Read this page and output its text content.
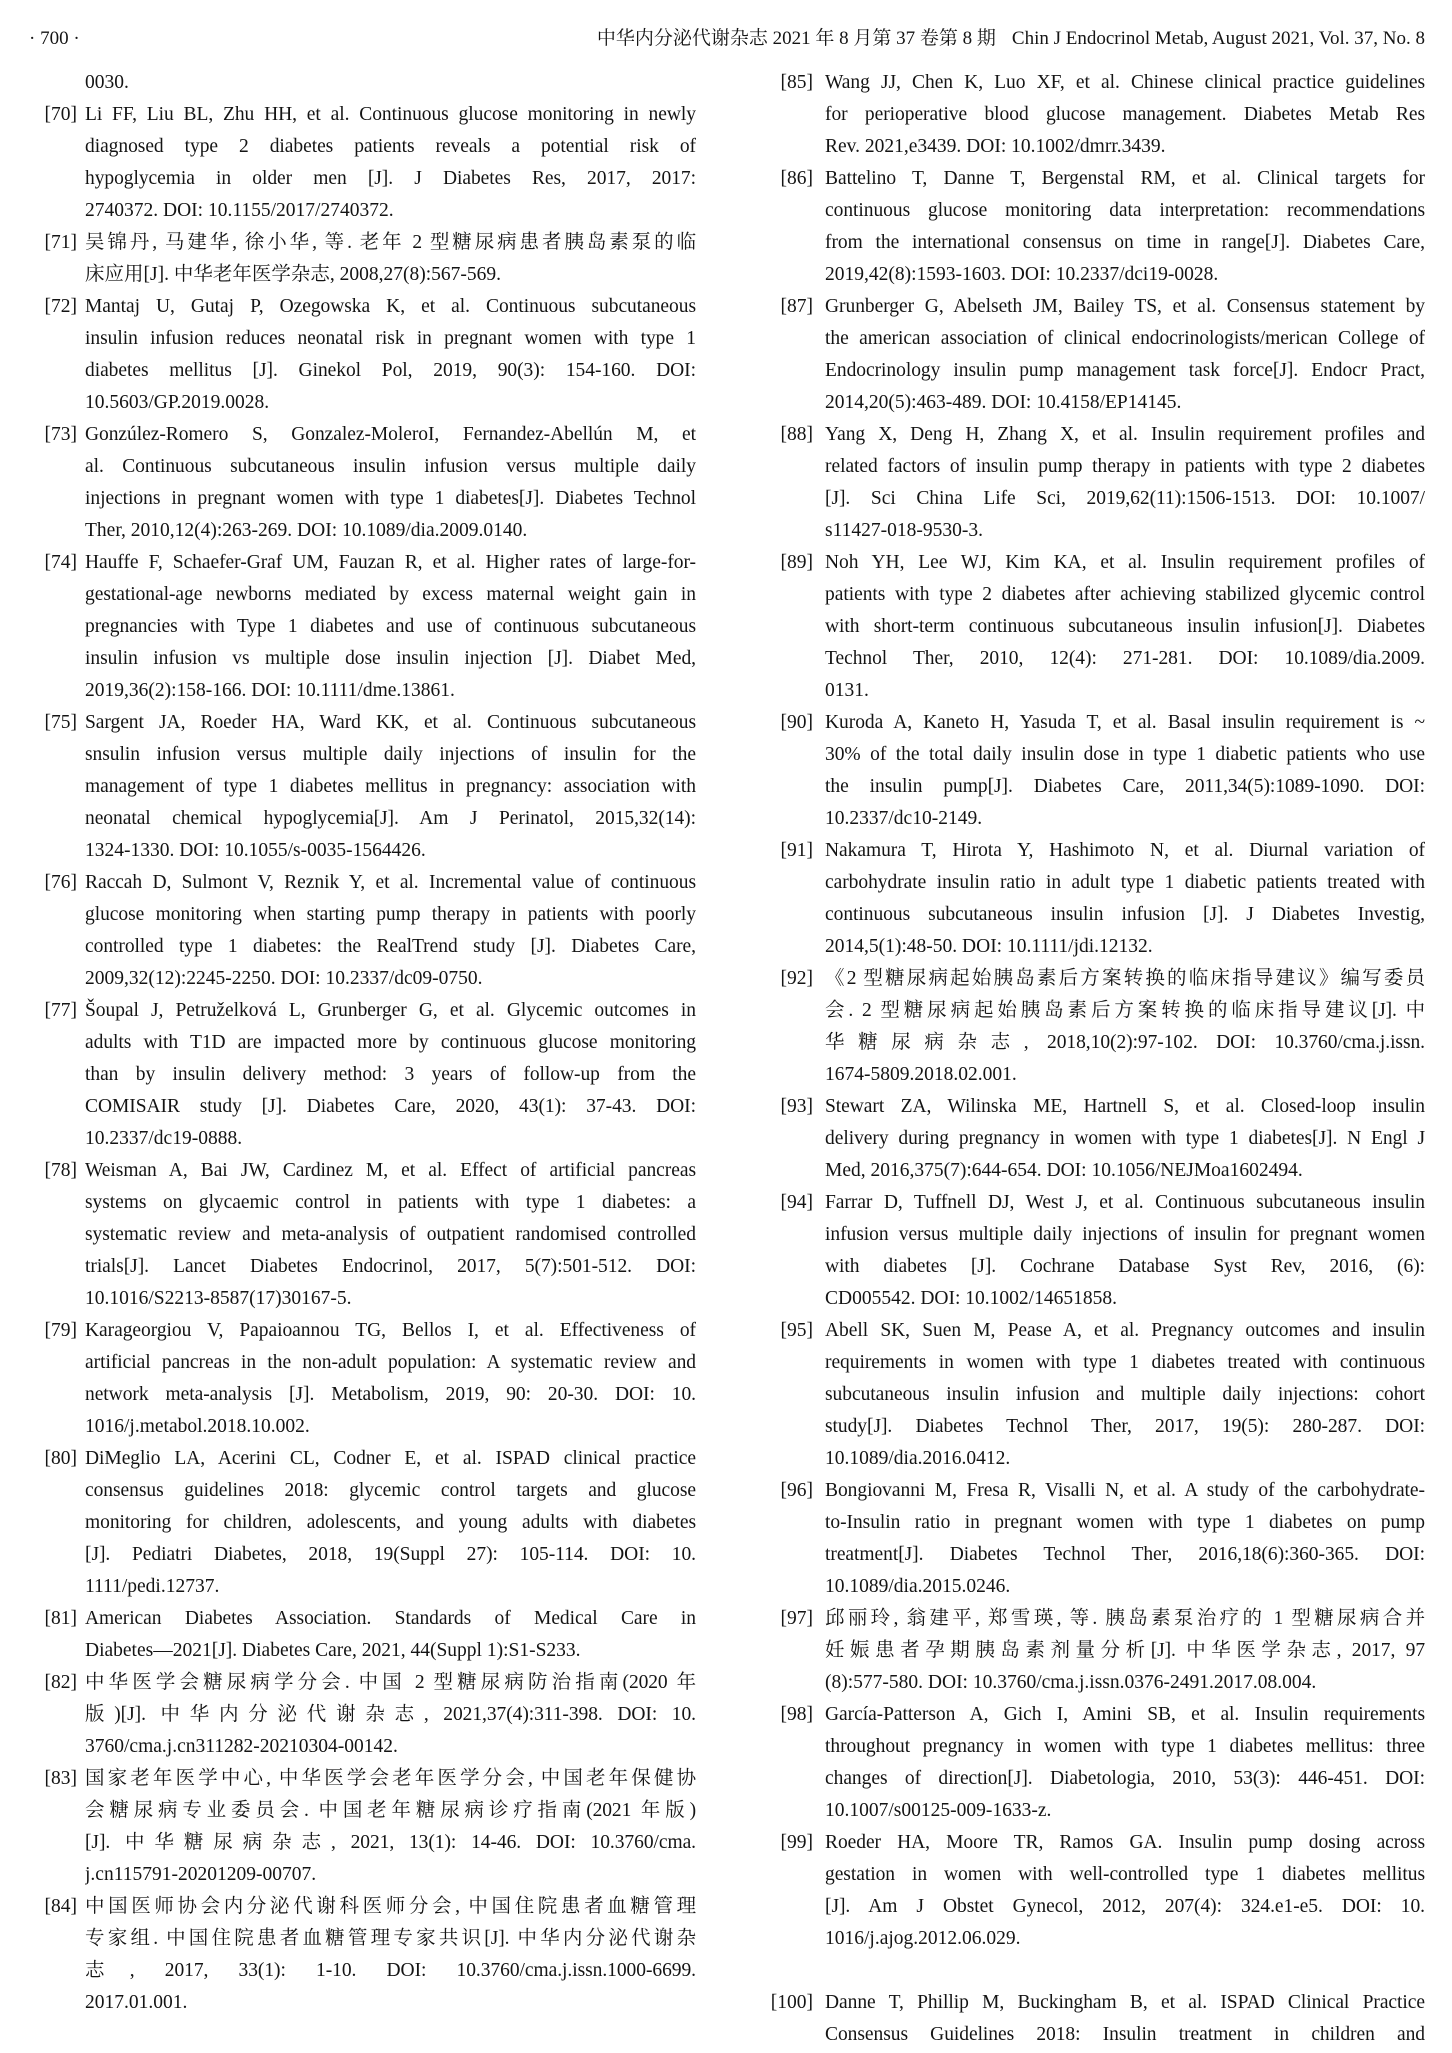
· 700 ·	中华内分泌代谢杂志 2021 年 8 月第 37 卷第 8 期 Chin J Endocrinol Metab, August 2021, Vol. 37, No. 8
0030.
[70] Li FF, Liu BL, Zhu HH, et al. Continuous glucose monitoring in newly
diagnosed type 2 diabetes patients reveals a potential risk of
hypoglycemia in older men [J]. J Diabetes Res, 2017, 2017:
2740372. DOI: 10.1155/2017/2740372.
[71] 吴锦丹, 马建华, 徐小华, 等. 老年 2 型糖尿病患者胰岛素泵的临
床应用[J]. 中华老年医学杂志, 2008,27(8):567-569.
[72] Mantaj U, Gutaj P, Ozegowska K, et al. Continuous subcutaneous
insulin infusion reduces neonatal risk in pregnant women with type 1
diabetes mellitus [J]. Ginekol Pol, 2019, 90(3): 154-160. DOI:
10.5603/GP.2019.0028.
[73] Gonzúlez-Romero S, Gonzalez-MoleroI, Fernandez-Abellún M, et
al. Continuous subcutaneous insulin infusion versus multiple daily
injections in pregnant women with type 1 diabetes[J]. Diabetes Technol
Ther, 2010,12(4):263-269. DOI: 10.1089/dia.2009.0140.
[74] Hauffe F, Schaefer-Graf UM, Fauzan R, et al. Higher rates of large-for-
gestational-age newborns mediated by excess maternal weight gain in
pregnancies with Type 1 diabetes and use of continuous subcutaneous
insulin infusion vs multiple dose insulin injection [J]. Diabet Med,
2019,36(2):158-166. DOI: 10.1111/dme.13861.
[75] Sargent JA, Roeder HA, Ward KK, et al. Continuous subcutaneous
snsulin infusion versus multiple daily injections of insulin for the
management of type 1 diabetes mellitus in pregnancy: association with
neonatal chemical hypoglycemia[J]. Am J Perinatol, 2015,32(14):
1324-1330. DOI: 10.1055/s-0035-1564426.
[76] Raccah D, Sulmont V, Reznik Y, et al. Incremental value of continuous
glucose monitoring when starting pump therapy in patients with poorly
controlled type 1 diabetes: the RealTrend study [J]. Diabetes Care,
2009,32(12):2245-2250. DOI: 10.2337/dc09-0750.
[77] Šoupal J, Petruželková L, Grunberger G, et al. Glycemic outcomes in
adults with T1D are impacted more by continuous glucose monitoring
than by insulin delivery method: 3 years of follow-up from the
COMISAIR study [J]. Diabetes Care, 2020, 43(1): 37-43. DOI:
10.2337/dc19-0888.
[78] Weisman A, Bai JW, Cardinez M, et al. Effect of artificial pancreas
systems on glycaemic control in patients with type 1 diabetes: a
systematic review and meta-analysis of outpatient randomised controlled
trials[J]. Lancet Diabetes Endocrinol, 2017, 5(7):501-512. DOI:
10.1016/S2213-8587(17)30167-5.
[79] Karageorgiou V, Papaioannou TG, Bellos I, et al. Effectiveness of
artificial pancreas in the non-adult population: A systematic review and
network meta-analysis [J]. Metabolism, 2019, 90: 20-30. DOI: 10.
1016/j.metabol.2018.10.002.
[80] DiMeglio LA, Acerini CL, Codner E, et al. ISPAD clinical practice
consensus guidelines 2018: glycemic control targets and glucose
monitoring for children, adolescents, and young adults with diabetes
[J]. Pediatri Diabetes, 2018, 19(Suppl 27): 105-114. DOI: 10.
1111/pedi.12737.
[81] American Diabetes Association. Standards of Medical Care in
Diabetes—2021[J]. Diabetes Care, 2021, 44(Suppl 1):S1-S233.
[82] 中华医学会糖尿病学分会. 中国 2 型糖尿病防治指南(2020 年
版)[J]. 中华内分泌代谢杂志, 2021,37(4):311-398. DOI: 10.
3760/cma.j.cn311282-20210304-00142.
[83] 国家老年医学中心, 中华医学会老年医学分会, 中国老年保健协
会糖尿病专业委员会. 中国老年糖尿病诊疗指南(2021 年版)
[J]. 中华糖尿病杂志, 2021, 13(1): 14-46. DOI: 10.3760/cma.
j.cn115791-20201209-00707.
[84] 中国医师协会内分泌代谢科医师分会, 中国住院患者血糖管理
专家组. 中国住院患者血糖管理专家共识[J]. 中华内分泌代谢杂
志, 2017, 33(1): 1-10. DOI: 10.3760/cma.j.issn.1000-6699.
2017.01.001.
[85] Wang JJ, Chen K, Luo XF, et al. Chinese clinical practice guidelines
for perioperative blood glucose management. Diabetes Metab Res
Rev. 2021,e3439. DOI: 10.1002/dmrr.3439.
[86] Battelino T, Danne T, Bergenstal RM, et al. Clinical targets for
continuous glucose monitoring data interpretation: recommendations
from the international consensus on time in range[J]. Diabetes Care,
2019,42(8):1593-1603. DOI: 10.2337/dci19-0028.
[87] Grunberger G, Abelseth JM, Bailey TS, et al. Consensus statement by
the american association of clinical endocrinologists/merican College of
Endocrinology insulin pump management task force[J]. Endocr Pract,
2014,20(5):463-489. DOI: 10.4158/EP14145.
[88] Yang X, Deng H, Zhang X, et al. Insulin requirement profiles and
related factors of insulin pump therapy in patients with type 2 diabetes
[J]. Sci China Life Sci, 2019,62(11):1506-1513. DOI: 10.1007/
s11427-018-9530-3.
[89] Noh YH, Lee WJ, Kim KA, et al. Insulin requirement profiles of
patients with type 2 diabetes after achieving stabilized glycemic control
with short-term continuous subcutaneous insulin infusion[J]. Diabetes
Technol Ther, 2010, 12(4): 271-281. DOI: 10.1089/dia.2009.
0131.
[90] Kuroda A, Kaneto H, Yasuda T, et al. Basal insulin requirement is ~
30% of the total daily insulin dose in type 1 diabetic patients who use
the insulin pump[J]. Diabetes Care, 2011,34(5):1089-1090. DOI:
10.2337/dc10-2149.
[91] Nakamura T, Hirota Y, Hashimoto N, et al. Diurnal variation of
carbohydrate insulin ratio in adult type 1 diabetic patients treated with
continuous subcutaneous insulin infusion [J]. J Diabetes Investig,
2014,5(1):48-50. DOI: 10.1111/jdi.12132.
[92] 《2 型糖尿病起始胰岛素后方案转换的临床指导建议》编写委员
会. 2 型糖尿病起始胰岛素后方案转换的临床指导建议[J]. 中
华糖尿病杂志, 2018,10(2):97-102. DOI: 10.3760/cma.j.issn.
1674-5809.2018.02.001.
[93] Stewart ZA, Wilinska ME, Hartnell S, et al. Closed-loop insulin
delivery during pregnancy in women with type 1 diabetes[J]. N Engl J
Med, 2016,375(7):644-654. DOI: 10.1056/NEJMoa1602494.
[94] Farrar D, Tuffnell DJ, West J, et al. Continuous subcutaneous insulin
infusion versus multiple daily injections of insulin for pregnant women
with diabetes [J]. Cochrane Database Syst Rev, 2016, (6):
CD005542. DOI: 10.1002/14651858.
[95] Abell SK, Suen M, Pease A, et al. Pregnancy outcomes and insulin
requirements in women with type 1 diabetes treated with continuous
subcutaneous insulin infusion and multiple daily injections: cohort
study[J]. Diabetes Technol Ther, 2017, 19(5): 280-287. DOI:
10.1089/dia.2016.0412.
[96] Bongiovanni M, Fresa R, Visalli N, et al. A study of the carbohydrate-
to-Insulin ratio in pregnant women with type 1 diabetes on pump
treatment[J]. Diabetes Technol Ther, 2016,18(6):360-365. DOI:
10.1089/dia.2015.0246.
[97] 邱丽玲, 翁建平, 郑雪瑛, 等. 胰岛素泵治疗的 1 型糖尿病合并
妊娠患者孕期胰岛素剂量分析[J]. 中华医学杂志, 2017, 97
(8):577-580. DOI: 10.3760/cma.j.issn.0376-2491.2017.08.004.
[98] García-Patterson A, Gich I, Amini SB, et al. Insulin requirements
throughout pregnancy in women with type 1 diabetes mellitus: three
changes of direction[J]. Diabetologia, 2010, 53(3): 446-451. DOI:
10.1007/s00125-009-1633-z.
[99] Roeder HA, Moore TR, Ramos GA. Insulin pump dosing across
gestation in women with well-controlled type 1 diabetes mellitus
[J]. Am J Obstet Gynecol, 2012, 207(4): 324.e1-e5. DOI: 10.
1016/j.ajog.2012.06.029.
[100] Danne T, Phillip M, Buckingham B, et al. ISPAD Clinical Practice
Consensus Guidelines 2018: Insulin treatment in children and
